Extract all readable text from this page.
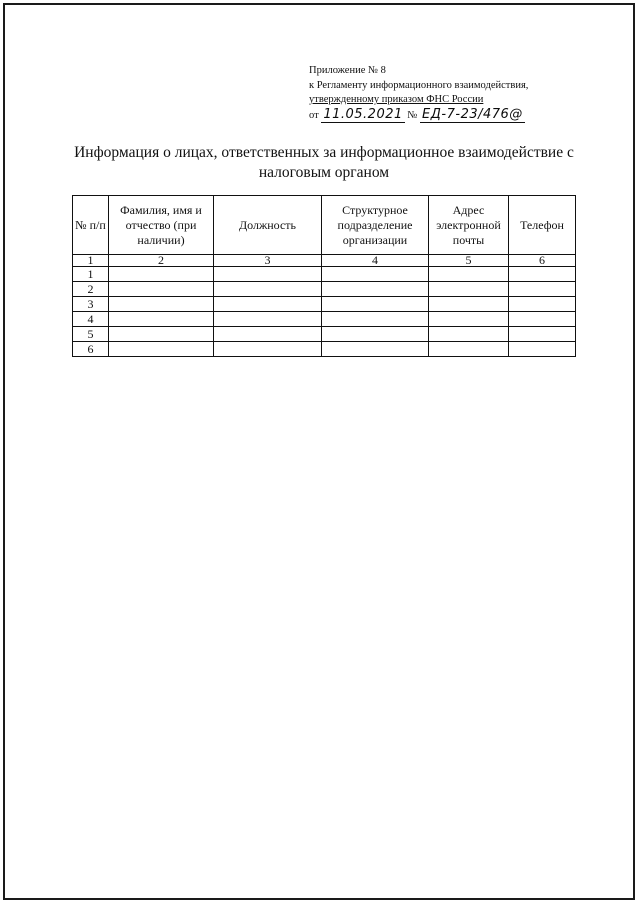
Приложение № 8
к Регламенту информационного взаимодействия,
утвержденному приказом ФНС России
от 11.05.2021 № ЕД-7-23/476@
Информация о лицах, ответственных за информационное взаимодействие с налоговым органом
№ п/п	Фамилия, имя и отчество (при наличии)	Должность	Структурное подразделение организации	Адрес электронной почты	Телефон
1	2	3	4	5	6
1					
2					
3					
4					
5					
6					
